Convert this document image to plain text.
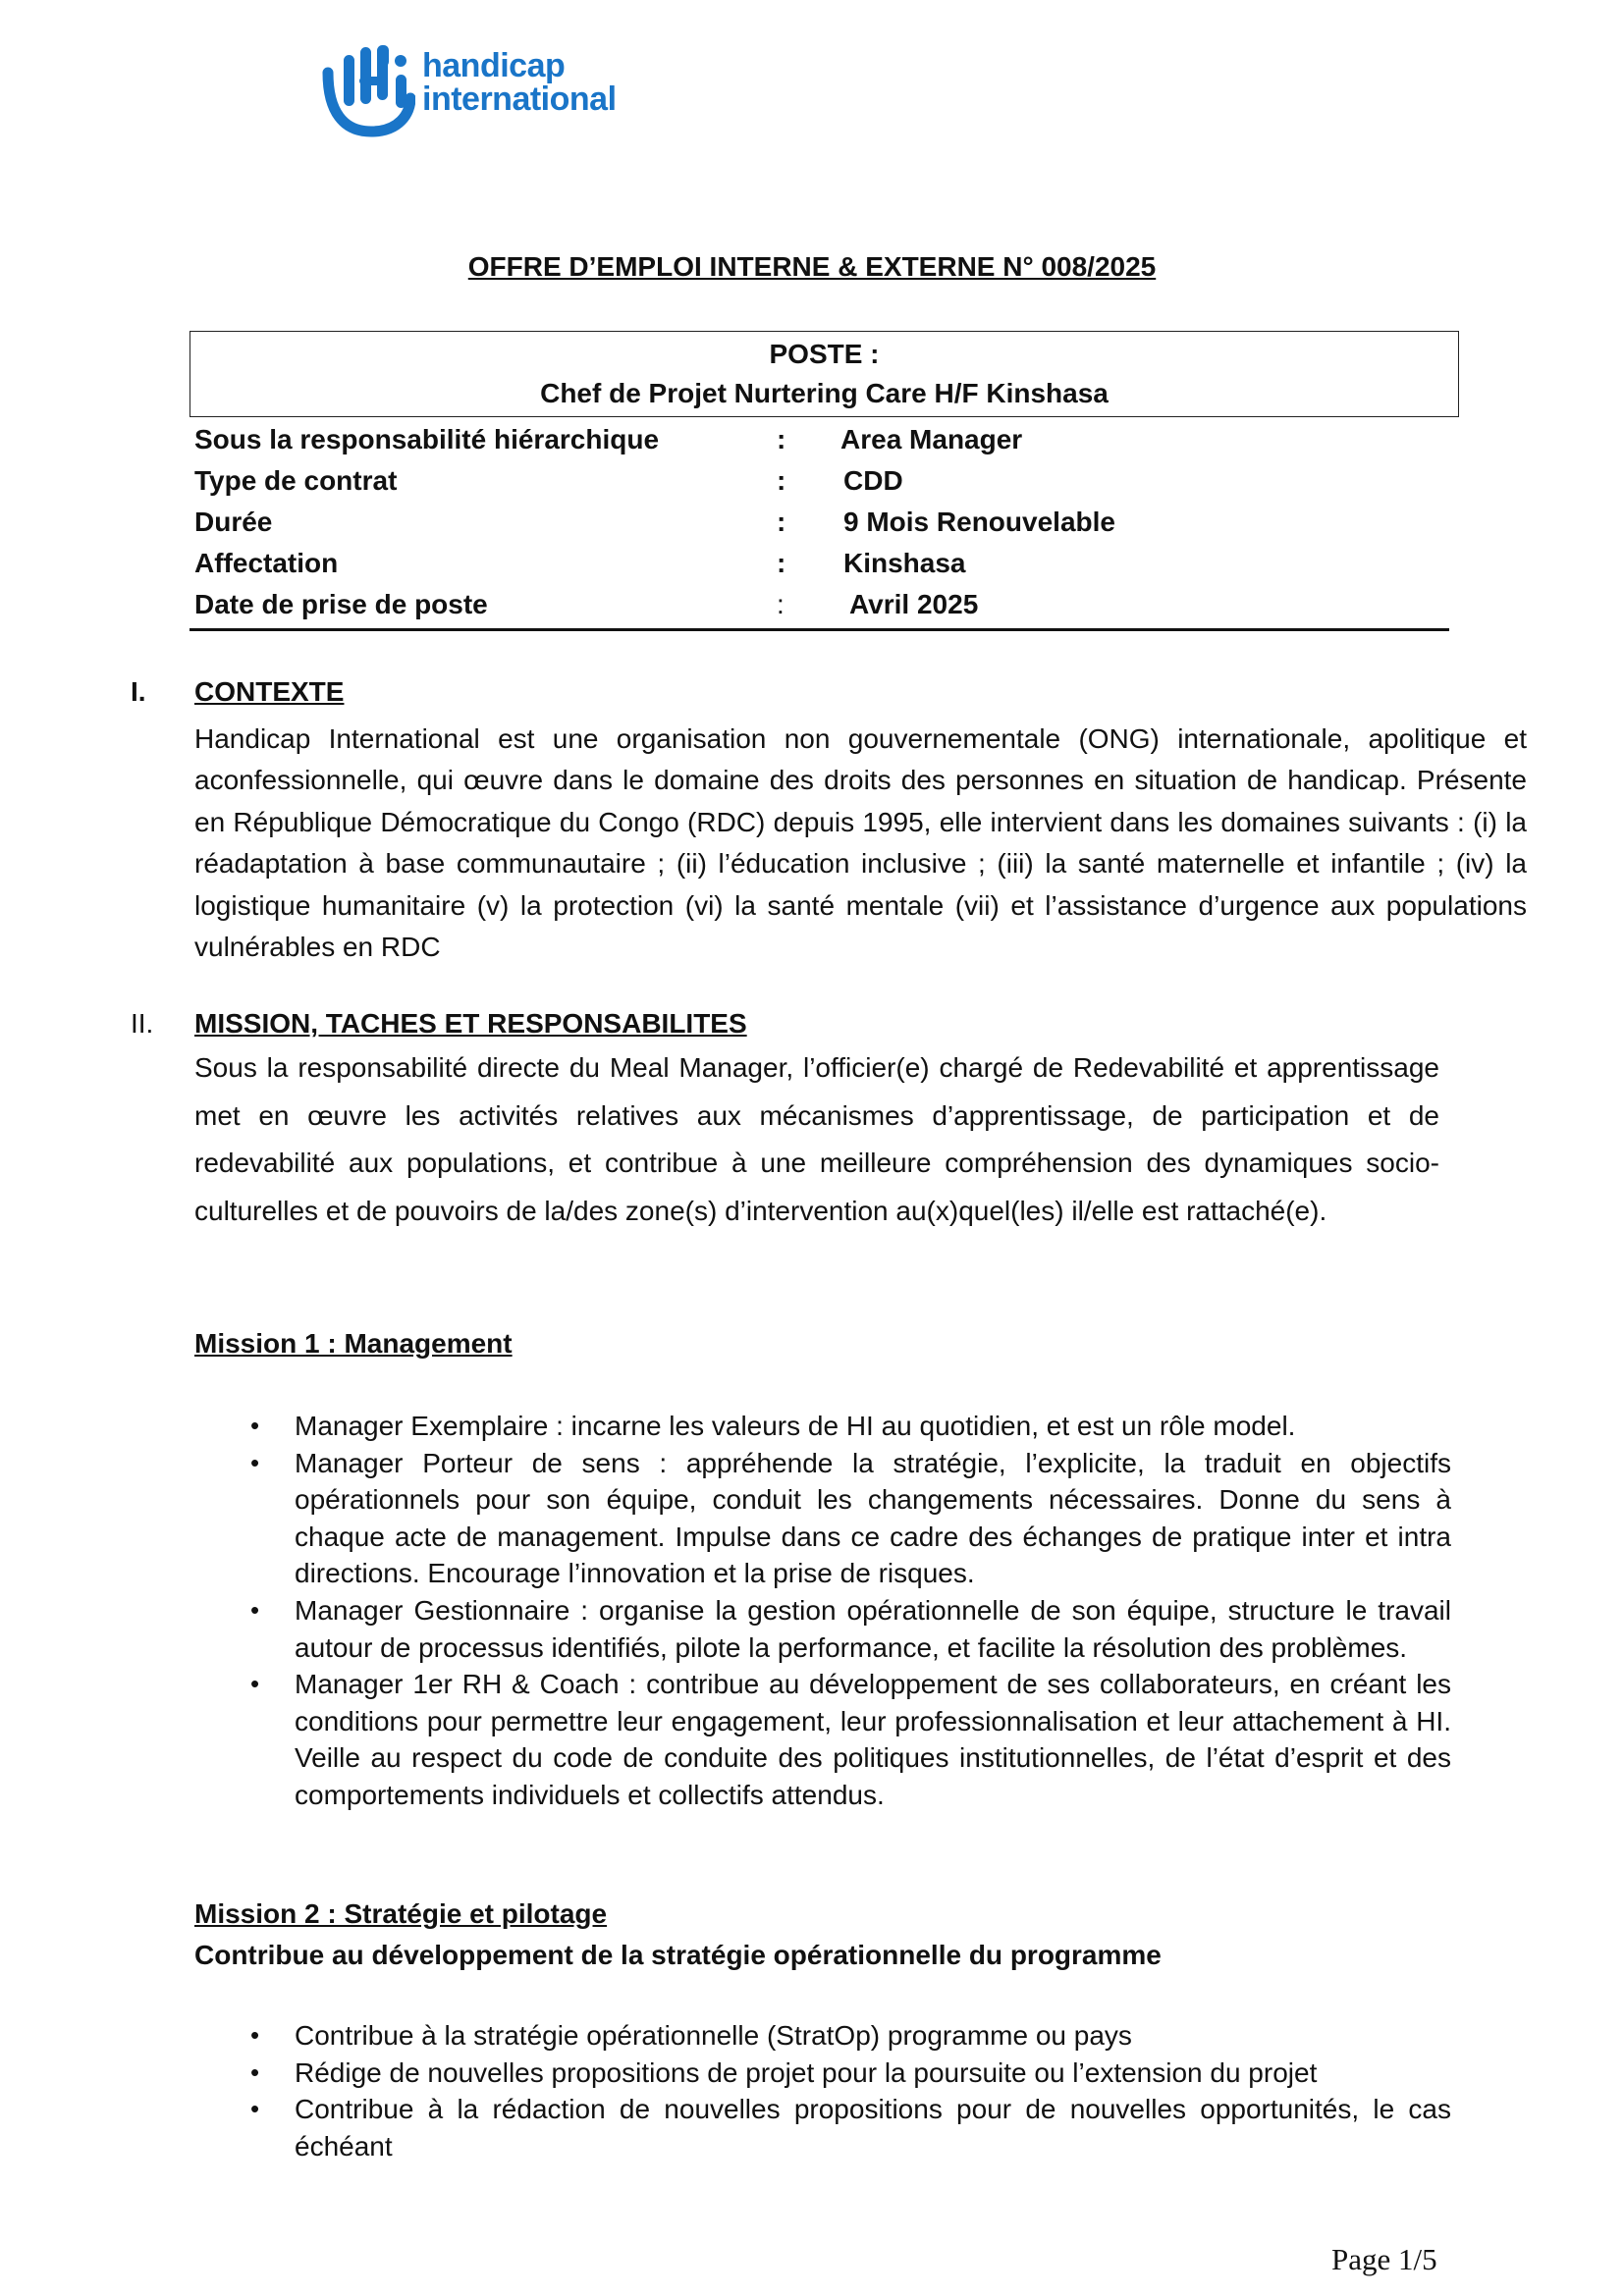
handicap
international
OFFRE D’EMPLOI INTERNE & EXTERNE N° 008/2025
POSTE :
Chef de Projet Nurtering Care H/F Kinshasa
Sous la responsabilité hiérarchique	: Area Manager
Type de contrat	: CDD
Durée	: 9 Mois Renouvelable
Affectation	: Kinshasa
Date de prise de poste	: Avril 2025
I. CONTEXTE
Handicap International est une organisation non gouvernementale (ONG) internationale, apolitique et aconfessionnelle, qui œuvre dans le domaine des droits des personnes en situation de handicap. Présente en République Démocratique du Congo (RDC) depuis 1995, elle intervient dans les domaines suivants : (i) la réadaptation à base communautaire ; (ii) l’éducation inclusive ; (iii) la santé maternelle et infantile ; (iv) la logistique humanitaire (v) la protection (vi) la santé mentale (vii) et l’assistance d’urgence aux populations vulnérables en RDC
II. MISSION, TACHES ET RESPONSABILITES
Sous la responsabilité directe du Meal Manager, l’officier(e) chargé de Redevabilité et apprentissage met en œuvre les activités relatives aux mécanismes d’apprentissage, de participation et de redevabilité aux populations, et contribue à une meilleure compréhension des dynamiques socio-culturelles et de pouvoirs de la/des zone(s) d’intervention au(x)quel(les) il/elle est rattaché(e).
Mission 1 : Management
• Manager Exemplaire : incarne les valeurs de HI au quotidien, et est un rôle model.
• Manager Porteur de sens : appréhende la stratégie, l’explicite, la traduit en objectifs opérationnels pour son équipe, conduit les changements nécessaires. Donne du sens à chaque acte de management. Impulse dans ce cadre des échanges de pratique inter et intra directions. Encourage l’innovation et la prise de risques.
• Manager Gestionnaire : organise la gestion opérationnelle de son équipe, structure le travail autour de processus identifiés, pilote la performance, et facilite la résolution des problèmes.
• Manager 1er RH & Coach : contribue au développement de ses collaborateurs, en créant les conditions pour permettre leur engagement, leur professionnalisation et leur attachement à HI. Veille au respect du code de conduite des politiques institutionnelles, de l’état d’esprit et des comportements individuels et collectifs attendus.
Mission 2 : Stratégie et pilotage
Contribue au développement de la stratégie opérationnelle du programme
• Contribue à la stratégie opérationnelle (StratOp) programme ou pays
• Rédige de nouvelles propositions de projet pour la poursuite ou l’extension du projet
• Contribue à la rédaction de nouvelles propositions pour de nouvelles opportunités, le cas échéant
Page 1/5
